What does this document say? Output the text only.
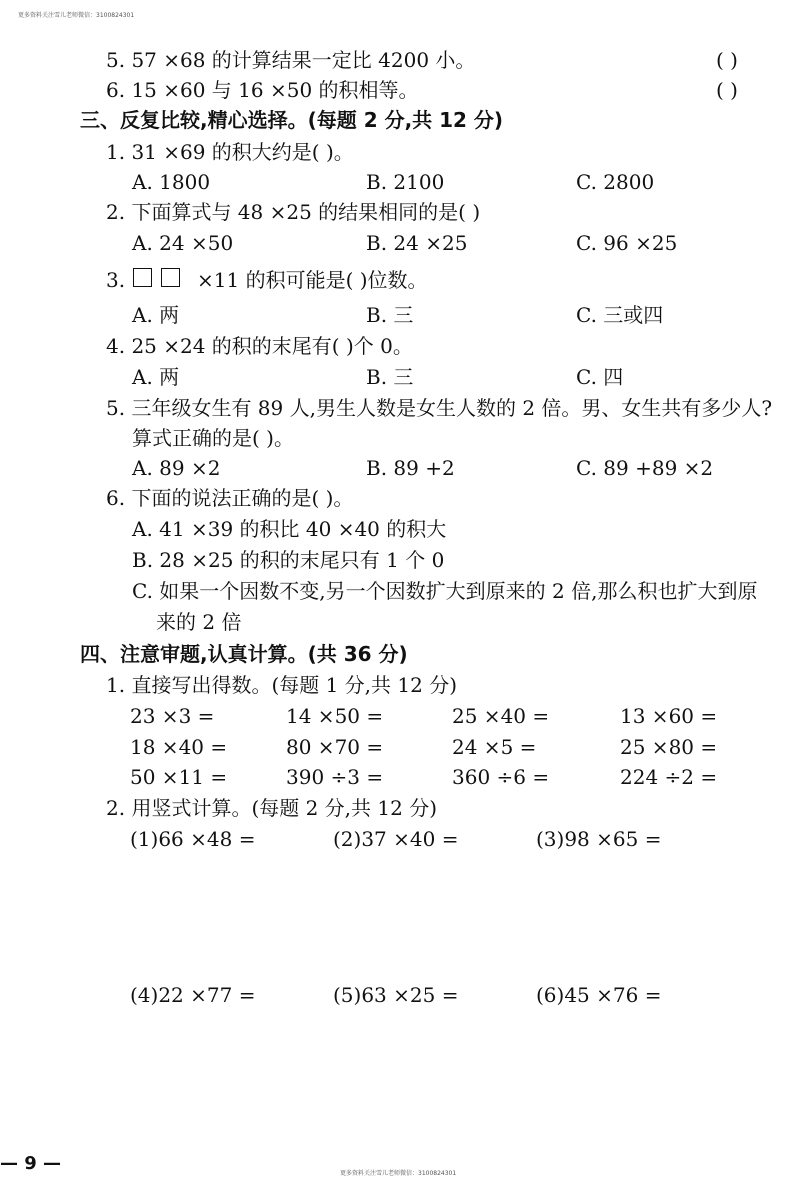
更多资料关注雪儿老师微信：3100824301
5. 57 ×68 的计算结果一定比 4200 小。	( )
6. 15 ×60 与 16 ×50 的积相等。	( )
三、反复比较,精心选择。(每题 2 分,共 12 分)
1. 31 ×69 的积大约是( )。
A. 1800	B. 2100	C. 2800
2. 下面算式与 48 ×25 的结果相同的是( )
A. 24 ×50	B. 24 ×25	C. 96 ×25
3.	×11 的积可能是( )位数。
A. 两	B. 三	C. 三或四
4. 25 ×24 的积的末尾有( )个 0。
A. 两	B. 三	C. 四
5. 三年级女生有 89 人,男生人数是女生人数的 2 倍。男、女生共有多少人?
算式正确的是( )。
A. 89 ×2	B. 89 +2	C. 89 +89 ×2
6. 下面的说法正确的是( )。
A. 41 ×39 的积比 40 ×40 的积大
B. 28 ×25 的积的末尾只有 1 个 0
C. 如果一个因数不变,另一个因数扩大到原来的 2 倍,那么积也扩大到原
来的 2 倍
四、注意审题,认真计算。(共 36 分)
1. 直接写出得数。(每题 1 分,共 12 分)
23 ×3 =	14 ×50 =	25 ×40 =	13 ×60 =
18 ×40 =	80 ×70 =	24 ×5 =	25 ×80 =
50 ×11 =	390 ÷3 =	360 ÷6 =	224 ÷2 =
2. 用竖式计算。(每题 2 分,共 12 分)
(1)66 ×48 =	(2)37 ×40 =	(3)98 ×65 =
(4)22 ×77 =	(5)63 ×25 =	(6)45 ×76 =
— 9 —	更多资料关注雪儿老师微信：3100824301
